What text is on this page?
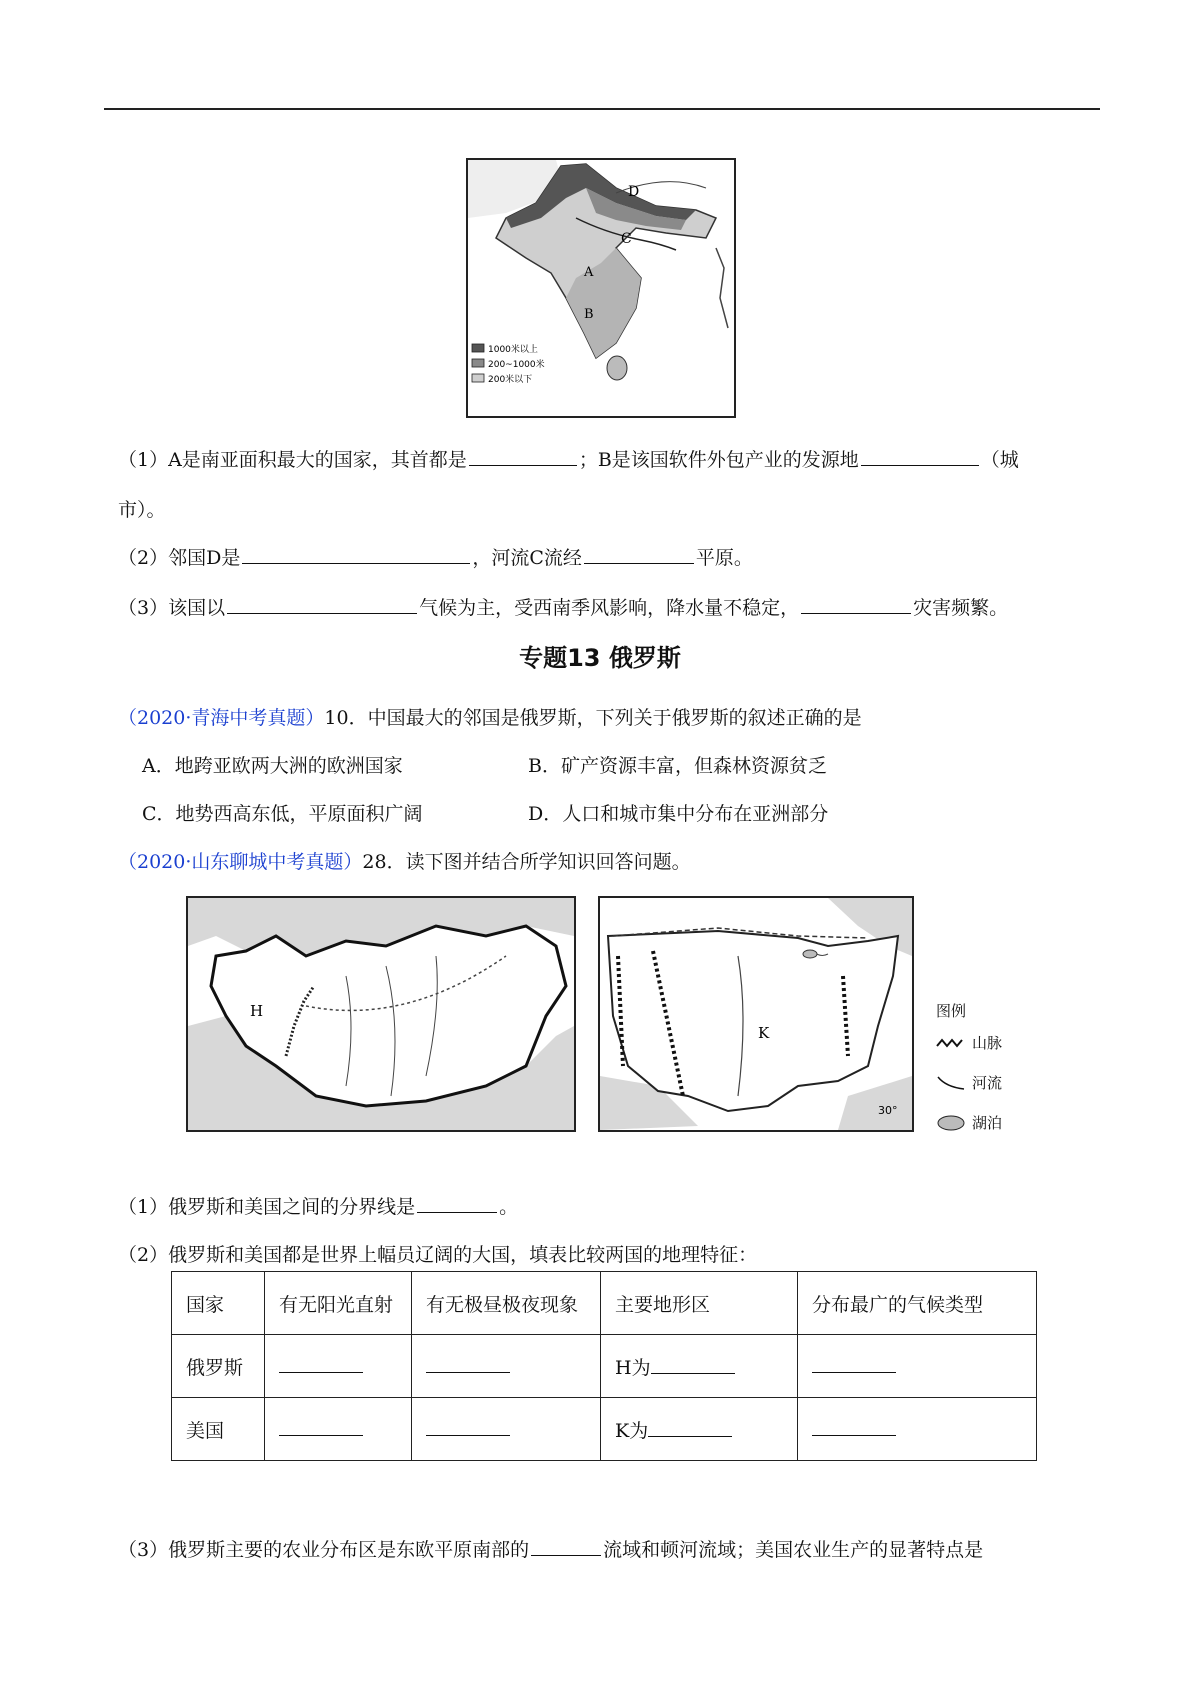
D
C
A
B
1000米以上
200~1000米
200米以下
（1）A是南亚面积最大的国家，其首都是	；B是该国软件外包产业的发源地	（城
市）。
（2）邻国D是	，河流C流经	平原。
（3）该国以	气候为主，受西南季风影响，降水量不稳定，	灾害频繁。
专题13 俄罗斯
（2020·青海中考真题）10．中国最大的邻国是俄罗斯，下列关于俄罗斯的叙述正确的是
A．地跨亚欧两大洲的欧洲国家	B．矿产资源丰富，但森林资源贫乏
C．地势西高东低，平原面积广阔	D．人口和城市集中分布在亚洲部分
（2020·山东聊城中考真题）28．读下图并结合所学知识回答问题。
H
K
30°
图例
山脉
河流
湖泊
（1）俄罗斯和美国之间的分界线是	。
（2）俄罗斯和美国都是世界上幅员辽阔的大国，填表比较两国的地理特征：
国家	有无阳光直射	有无极昼极夜现象	主要地形区	分布最广的气候类型
俄罗斯			H为	
美国			K为	
（3）俄罗斯主要的农业分布区是东欧平原南部的	流域和顿河流域；美国农业生产的显著特点是
